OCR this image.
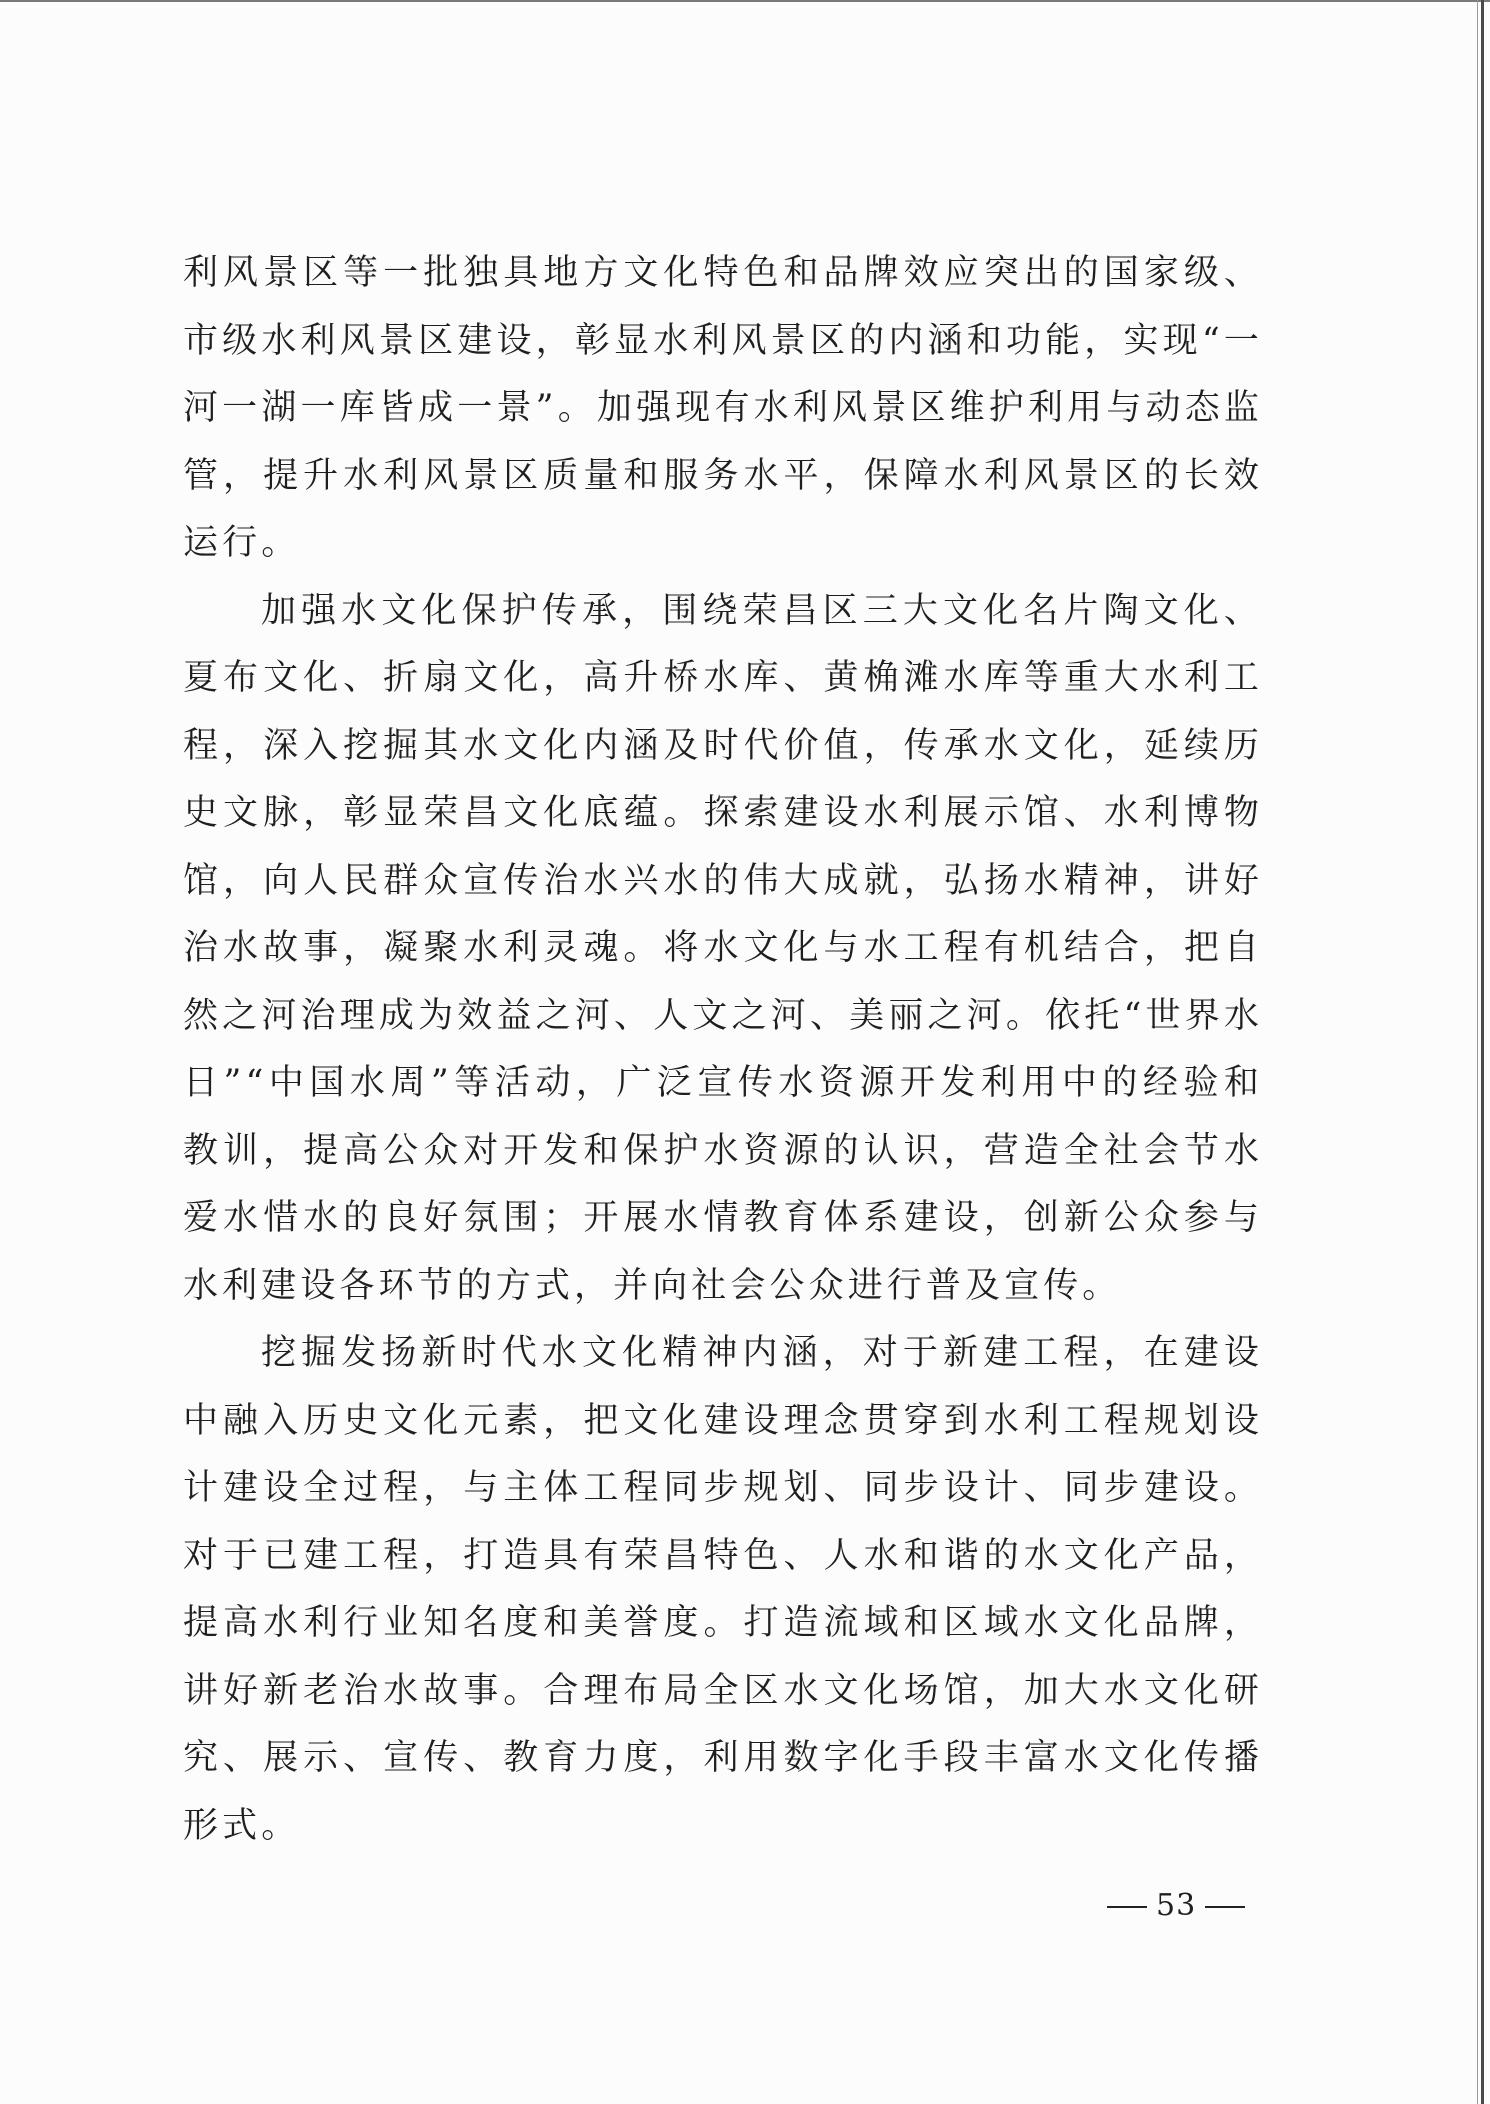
利风景区等一批独具地方文化特色和品牌效应突出的国家级、市级水利风景区建设，彰显水利风景区的内涵和功能，实现“一河一湖一库皆成一景”。加强现有水利风景区维护利用与动态监管，提升水利风景区质量和服务水平，保障水利风景区的长效运行。

加强水文化保护传承，围绕荣昌区三大文化名片陶文化、夏布文化、折扇文化，高升桥水库、黄桷滩水库等重大水利工程，深入挖掘其水文化内涵及时代价值，传承水文化，延续历史文脉，彰显荣昌文化底蕴。探索建设水利展示馆、水利博物馆，向人民群众宣传治水兴水的伟大成就，弘扬水精神，讲好治水故事，凝聚水利灵魂。将水文化与水工程有机结合，把自然之河治理成为效益之河、人文之河、美丽之河。依托“世界水日”“中国水周”等活动，广泛宣传水资源开发利用中的经验和教训，提高公众对开发和保护水资源的认识，营造全社会节水爱水惜水的良好氛围；开展水情教育体系建设，创新公众参与水利建设各环节的方式，并向社会公众进行普及宣传。

挖掘发扬新时代水文化精神内涵，对于新建工程，在建设中融入历史文化元素，把文化建设理念贯穿到水利工程规划设计建设全过程，与主体工程同步规划、同步设计、同步建设。对于已建工程，打造具有荣昌特色、人水和谐的水文化产品，提高水利行业知名度和美誉度。打造流域和区域水文化品牌，讲好新老治水故事。合理布局全区水文化场馆，加大水文化研究、展示、宣传、教育力度，利用数字化手段丰富水文化传播形式。

53
